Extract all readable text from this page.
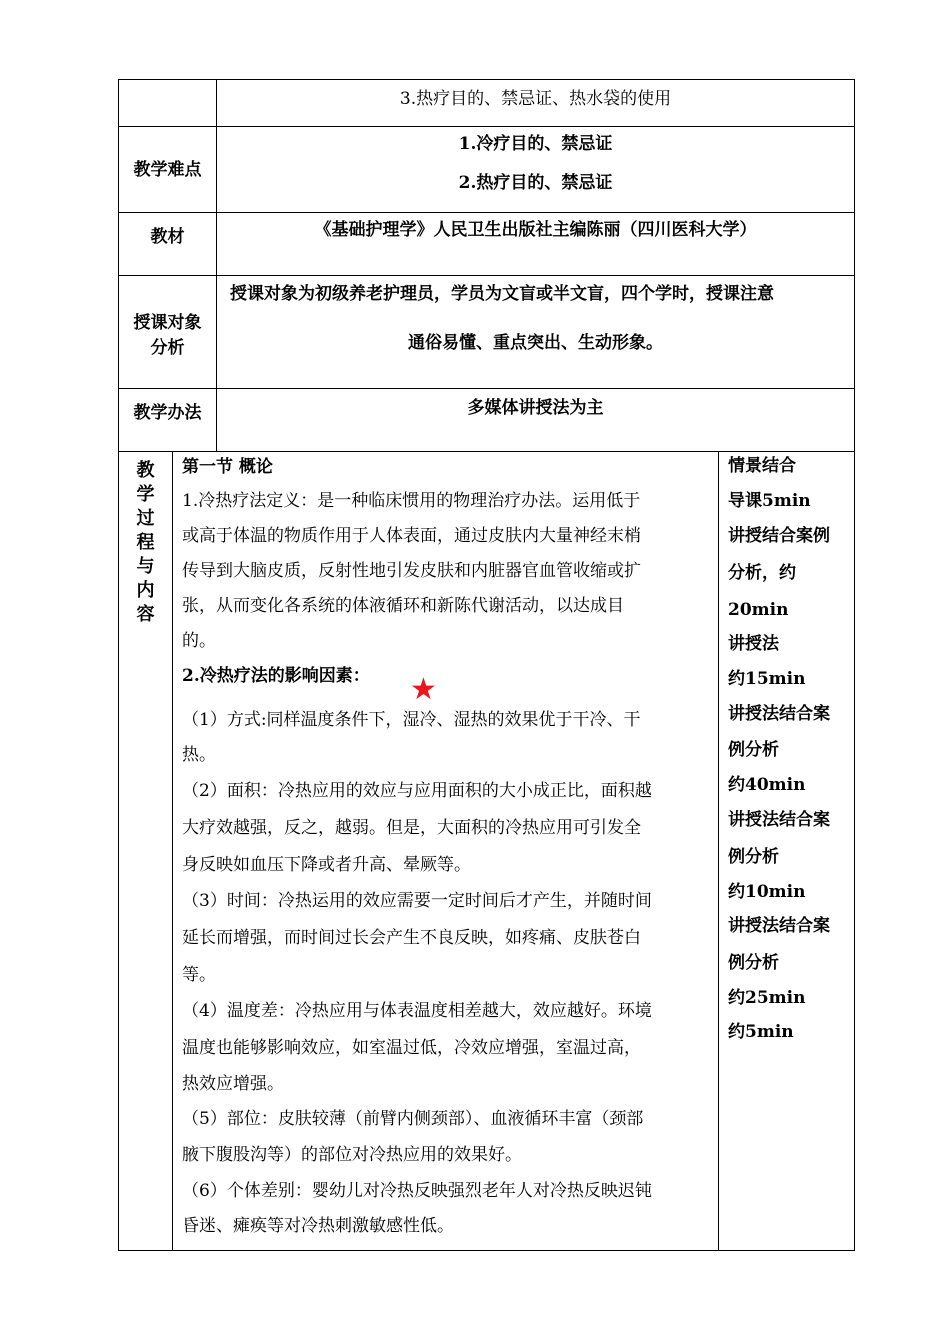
3.热疗目的、禁忌证、热水袋的使用
教学难点
1.冷疗目的、禁忌证
2.热疗目的、禁忌证
教材	《基础护理学》人民卫生出版社主编陈丽（四川医科大学）
授课对象
分析
授课对象为初级养老护理员，学员为文盲或半文盲，四个学时，授课注意
通俗易懂、重点突出、生动形象。
教学办法	多媒体讲授法为主
教
学
过
程
与
内
容
第一节 概论
1.冷热疗法定义：是一种临床惯用的物理治疗办法。运用低于
或高于体温的物质作用于人体表面，通过皮肤内大量神经末梢
传导到大脑皮质，反射性地引发皮肤和内脏器官血管收缩或扩
张，从而变化各系统的体液循环和新陈代谢活动，以达成目
的。
2.冷热疗法的影响因素：
（1）方式:同样温度条件下，湿冷、湿热的效果优于干冷、干
热。
（2）面积：冷热应用的效应与应用面积的大小成正比，面积越
大疗效越强，反之，越弱。但是，大面积的冷热应用可引发全
身反映如血压下降或者升高、晕厥等。
（3）时间：冷热运用的效应需要一定时间后才产生，并随时间
延长而增强，而时间过长会产生不良反映，如疼痛、皮肤苍白
等。
（4）温度差：冷热应用与体表温度相差越大，效应越好。环境
温度也能够影响效应，如室温过低，冷效应增强，室温过高，
热效应增强。
（5）部位：皮肤较薄（前臂内侧颈部）、血液循环丰富（颈部
腋下腹股沟等）的部位对冷热应用的效果好。
（6）个体差别：婴幼儿对冷热反映强烈老年人对冷热反映迟钝
昏迷、瘫痪等对冷热刺激敏感性低。
★
情景结合
导课5min
讲授结合案例
分析，约
20min
讲授法
约15min
讲授法结合案
例分析
约40min
讲授法结合案
例分析
约10min
讲授法结合案
例分析
约25min
约5min
